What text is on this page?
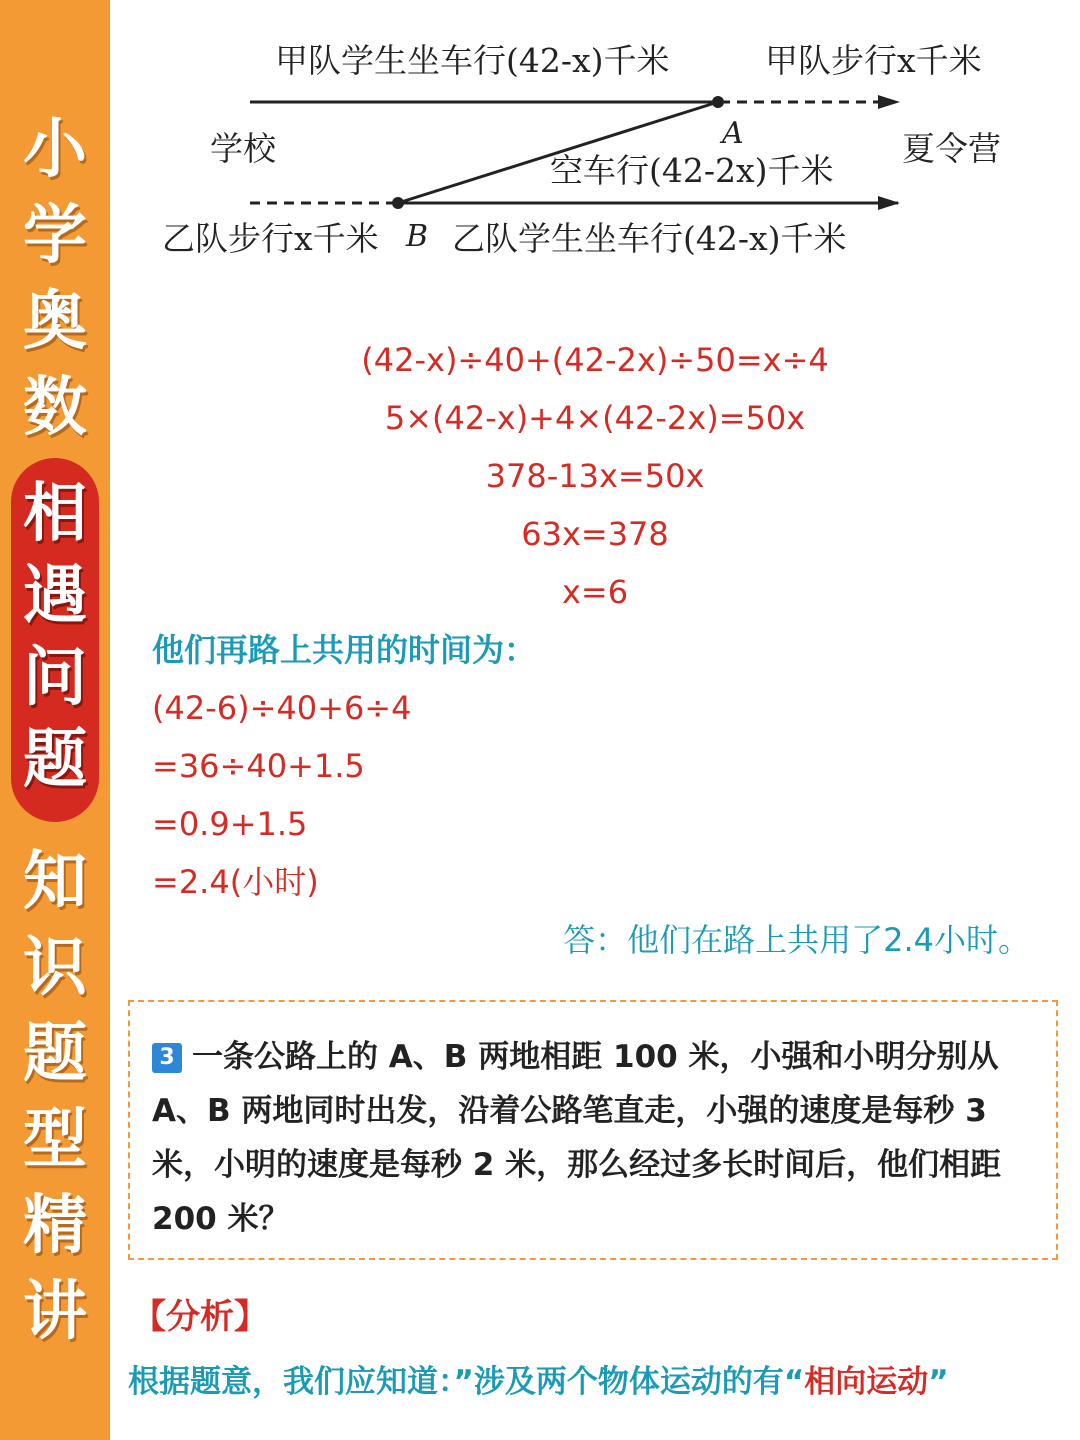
小
学
奥
数
相
遇
问
题
知
识
题
型
精
讲
甲队学生坐车行(42-x)千米	甲队步行x千米
学校	夏令营
A
空车行(42-2x)千米
乙队步行x千米 B 乙队学生坐车行(42-x)千米
(42-x)÷40+(42-2x)÷50=x÷4
5×(42-x)+4×(42-2x)=50x
378-13x=50x
63x=378
x=6
他们再路上共用的时间为：
(42-6)÷40+6÷4
=36÷40+1.5
=0.9+1.5
=2.4(小时)
答：他们在路上共用了2.4小时。
3 一条公路上的 A、B 两地相距 100 米，小强和小明分别从 A、B 两地同时出发，沿着公路笔直走，小强的速度是每秒 3 米，小明的速度是每秒 2 米，那么经过多长时间后，他们相距 200 米？
【分析】
根据题意，我们应知道：”涉及两个物体运动的有“相向运动”
